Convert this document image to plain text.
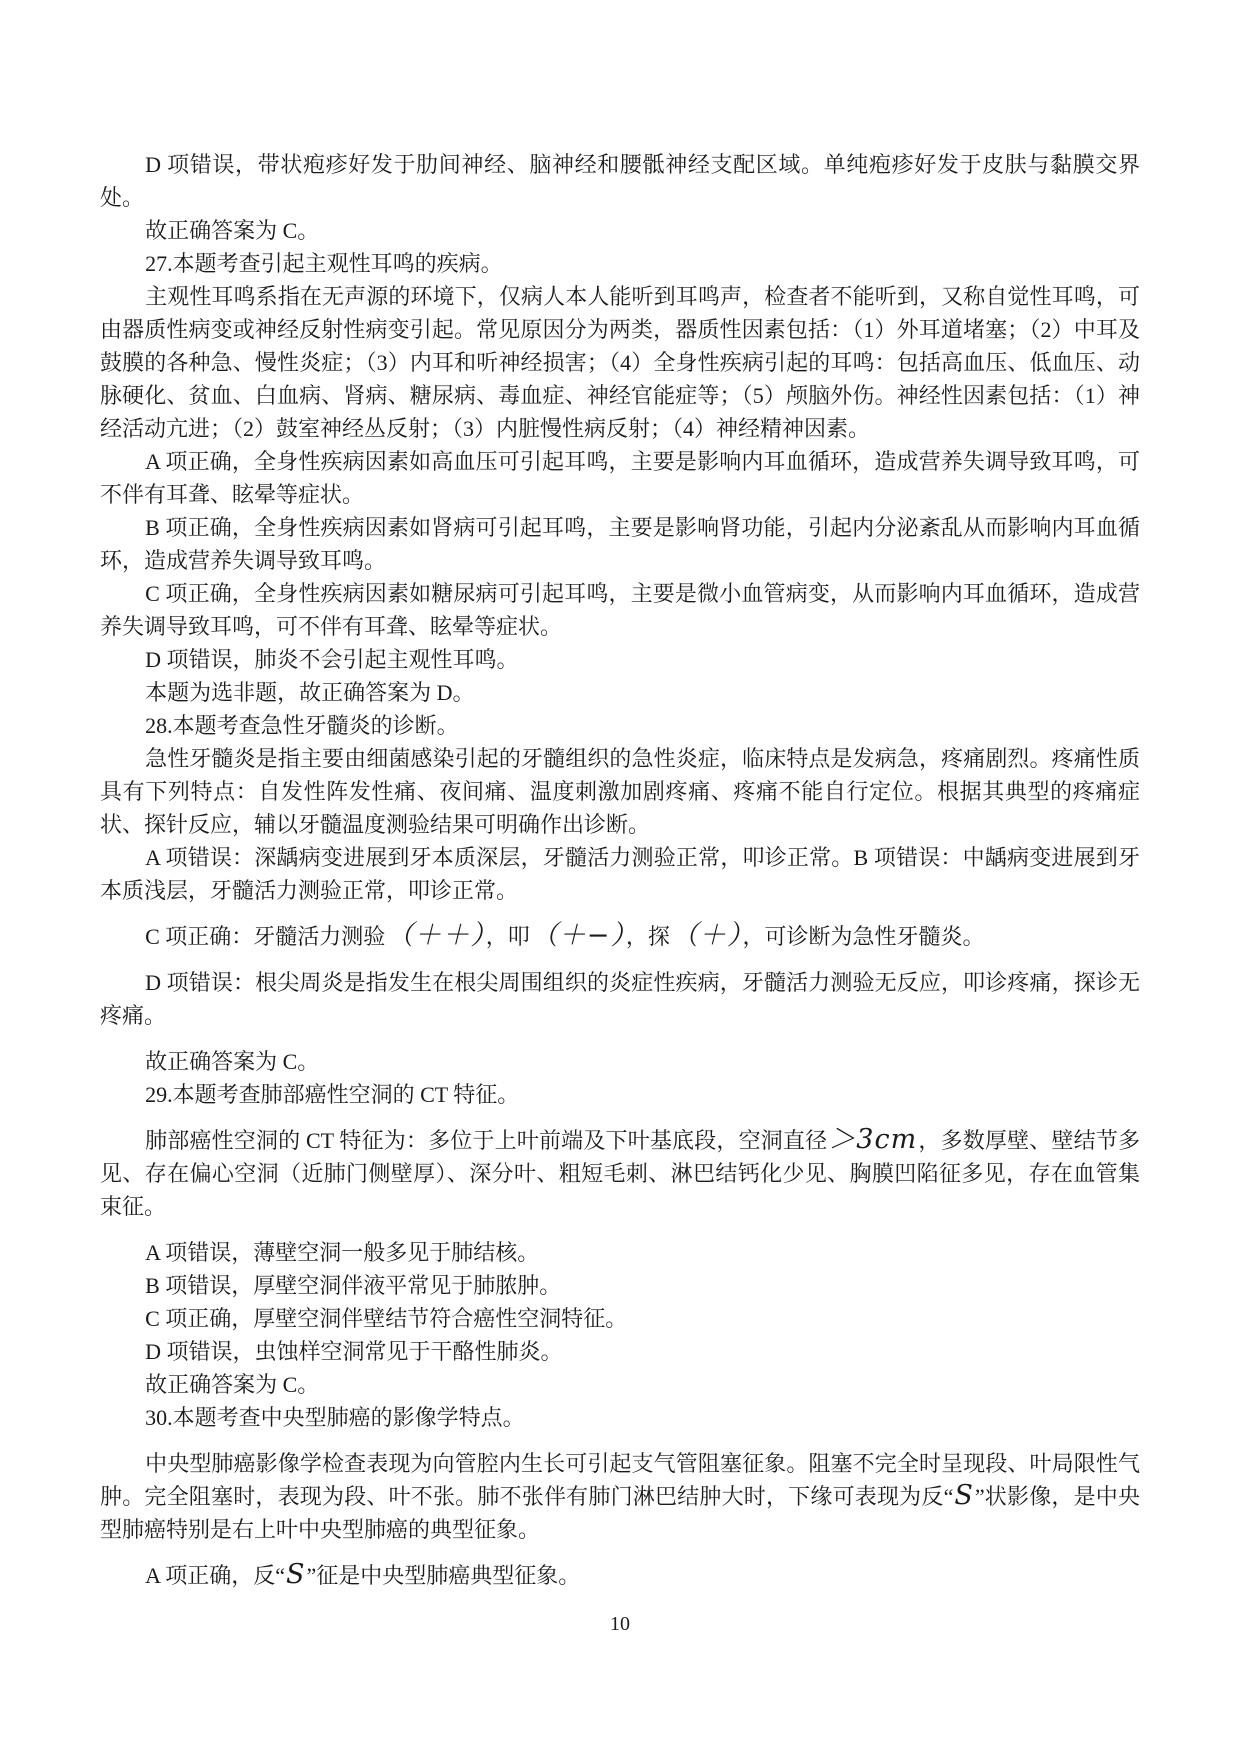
D 项错误，带状疱疹好发于肋间神经、脑神经和腰骶神经支配区域。单纯疱疹好发于皮肤与黏膜交界处。

故正确答案为 C。

27.本题考查引起主观性耳鸣的疾病。

主观性耳鸣系指在无声源的环境下，仅病人本人能听到耳鸣声，检查者不能听到，又称自觉性耳鸣，可由器质性病变或神经反射性病变引起。常见原因分为两类，器质性因素包括：（1）外耳道堵塞；（2）中耳及鼓膜的各种急、慢性炎症；（3）内耳和听神经损害；（4）全身性疾病引起的耳鸣：包括高血压、低血压、动脉硬化、贫血、白血病、肾病、糖尿病、毒血症、神经官能症等；（5）颅脑外伤。神经性因素包括：（1）神经活动亢进；（2）鼓室神经丛反射；（3）内脏慢性病反射；（4）神经精神因素。

A 项正确，全身性疾病因素如高血压可引起耳鸣，主要是影响内耳血循环，造成营养失调导致耳鸣，可不伴有耳聋、眩晕等症状。

B 项正确，全身性疾病因素如肾病可引起耳鸣，主要是影响肾功能，引起内分泌紊乱从而影响内耳血循环，造成营养失调导致耳鸣。

C 项正确，全身性疾病因素如糖尿病可引起耳鸣，主要是微小血管病变，从而影响内耳血循环，造成营养失调导致耳鸣，可不伴有耳聋、眩晕等症状。

D 项错误，肺炎不会引起主观性耳鸣。

本题为选非题，故正确答案为 D。

28.本题考查急性牙髓炎的诊断。

急性牙髓炎是指主要由细菌感染引起的牙髓组织的急性炎症，临床特点是发病急，疼痛剧烈。疼痛性质具有下列特点：自发性阵发性痛、夜间痛、温度刺激加剧疼痛、疼痛不能自行定位。根据其典型的疼痛症状、探针反应，辅以牙髓温度测验结果可明确作出诊断。

A 项错误：深龋病变进展到牙本质深层，牙髓活力测验正常，叩诊正常。B 项错误：中龋病变进展到牙本质浅层，牙髓活力测验正常，叩诊正常。

C 项正确：牙髓活力测验（＋＋），叩（＋−），探（＋），可诊断为急性牙髓炎。

D 项错误：根尖周炎是指发生在根尖周围组织的炎症性疾病，牙髓活力测验无反应，叩诊疼痛，探诊无疼痛。

故正确答案为 C。

29.本题考查肺部癌性空洞的 CT 特征。

肺部癌性空洞的 CT 特征为：多位于上叶前端及下叶基底段，空洞直径＞3cm，多数厚壁、壁结节多见、存在偏心空洞（近肺门侧壁厚）、深分叶、粗短毛刺、淋巴结钙化少见、胸膜凹陷征多见，存在血管集束征。

A 项错误，薄壁空洞一般多见于肺结核。

B 项错误，厚壁空洞伴液平常见于肺脓肿。

C 项正确，厚壁空洞伴壁结节符合癌性空洞特征。

D 项错误，虫蚀样空洞常见于干酪性肺炎。

故正确答案为 C。

30.本题考查中央型肺癌的影像学特点。

中央型肺癌影像学检查表现为向管腔内生长可引起支气管阻塞征象。阻塞不完全时呈现段、叶局限性气肿。完全阻塞时，表现为段、叶不张。肺不张伴有肺门淋巴结肿大时，下缘可表现为反“S”状影像，是中央型肺癌特别是右上叶中央型肺癌的典型征象。

A 项正确，反“S”征是中央型肺癌典型征象。

10
